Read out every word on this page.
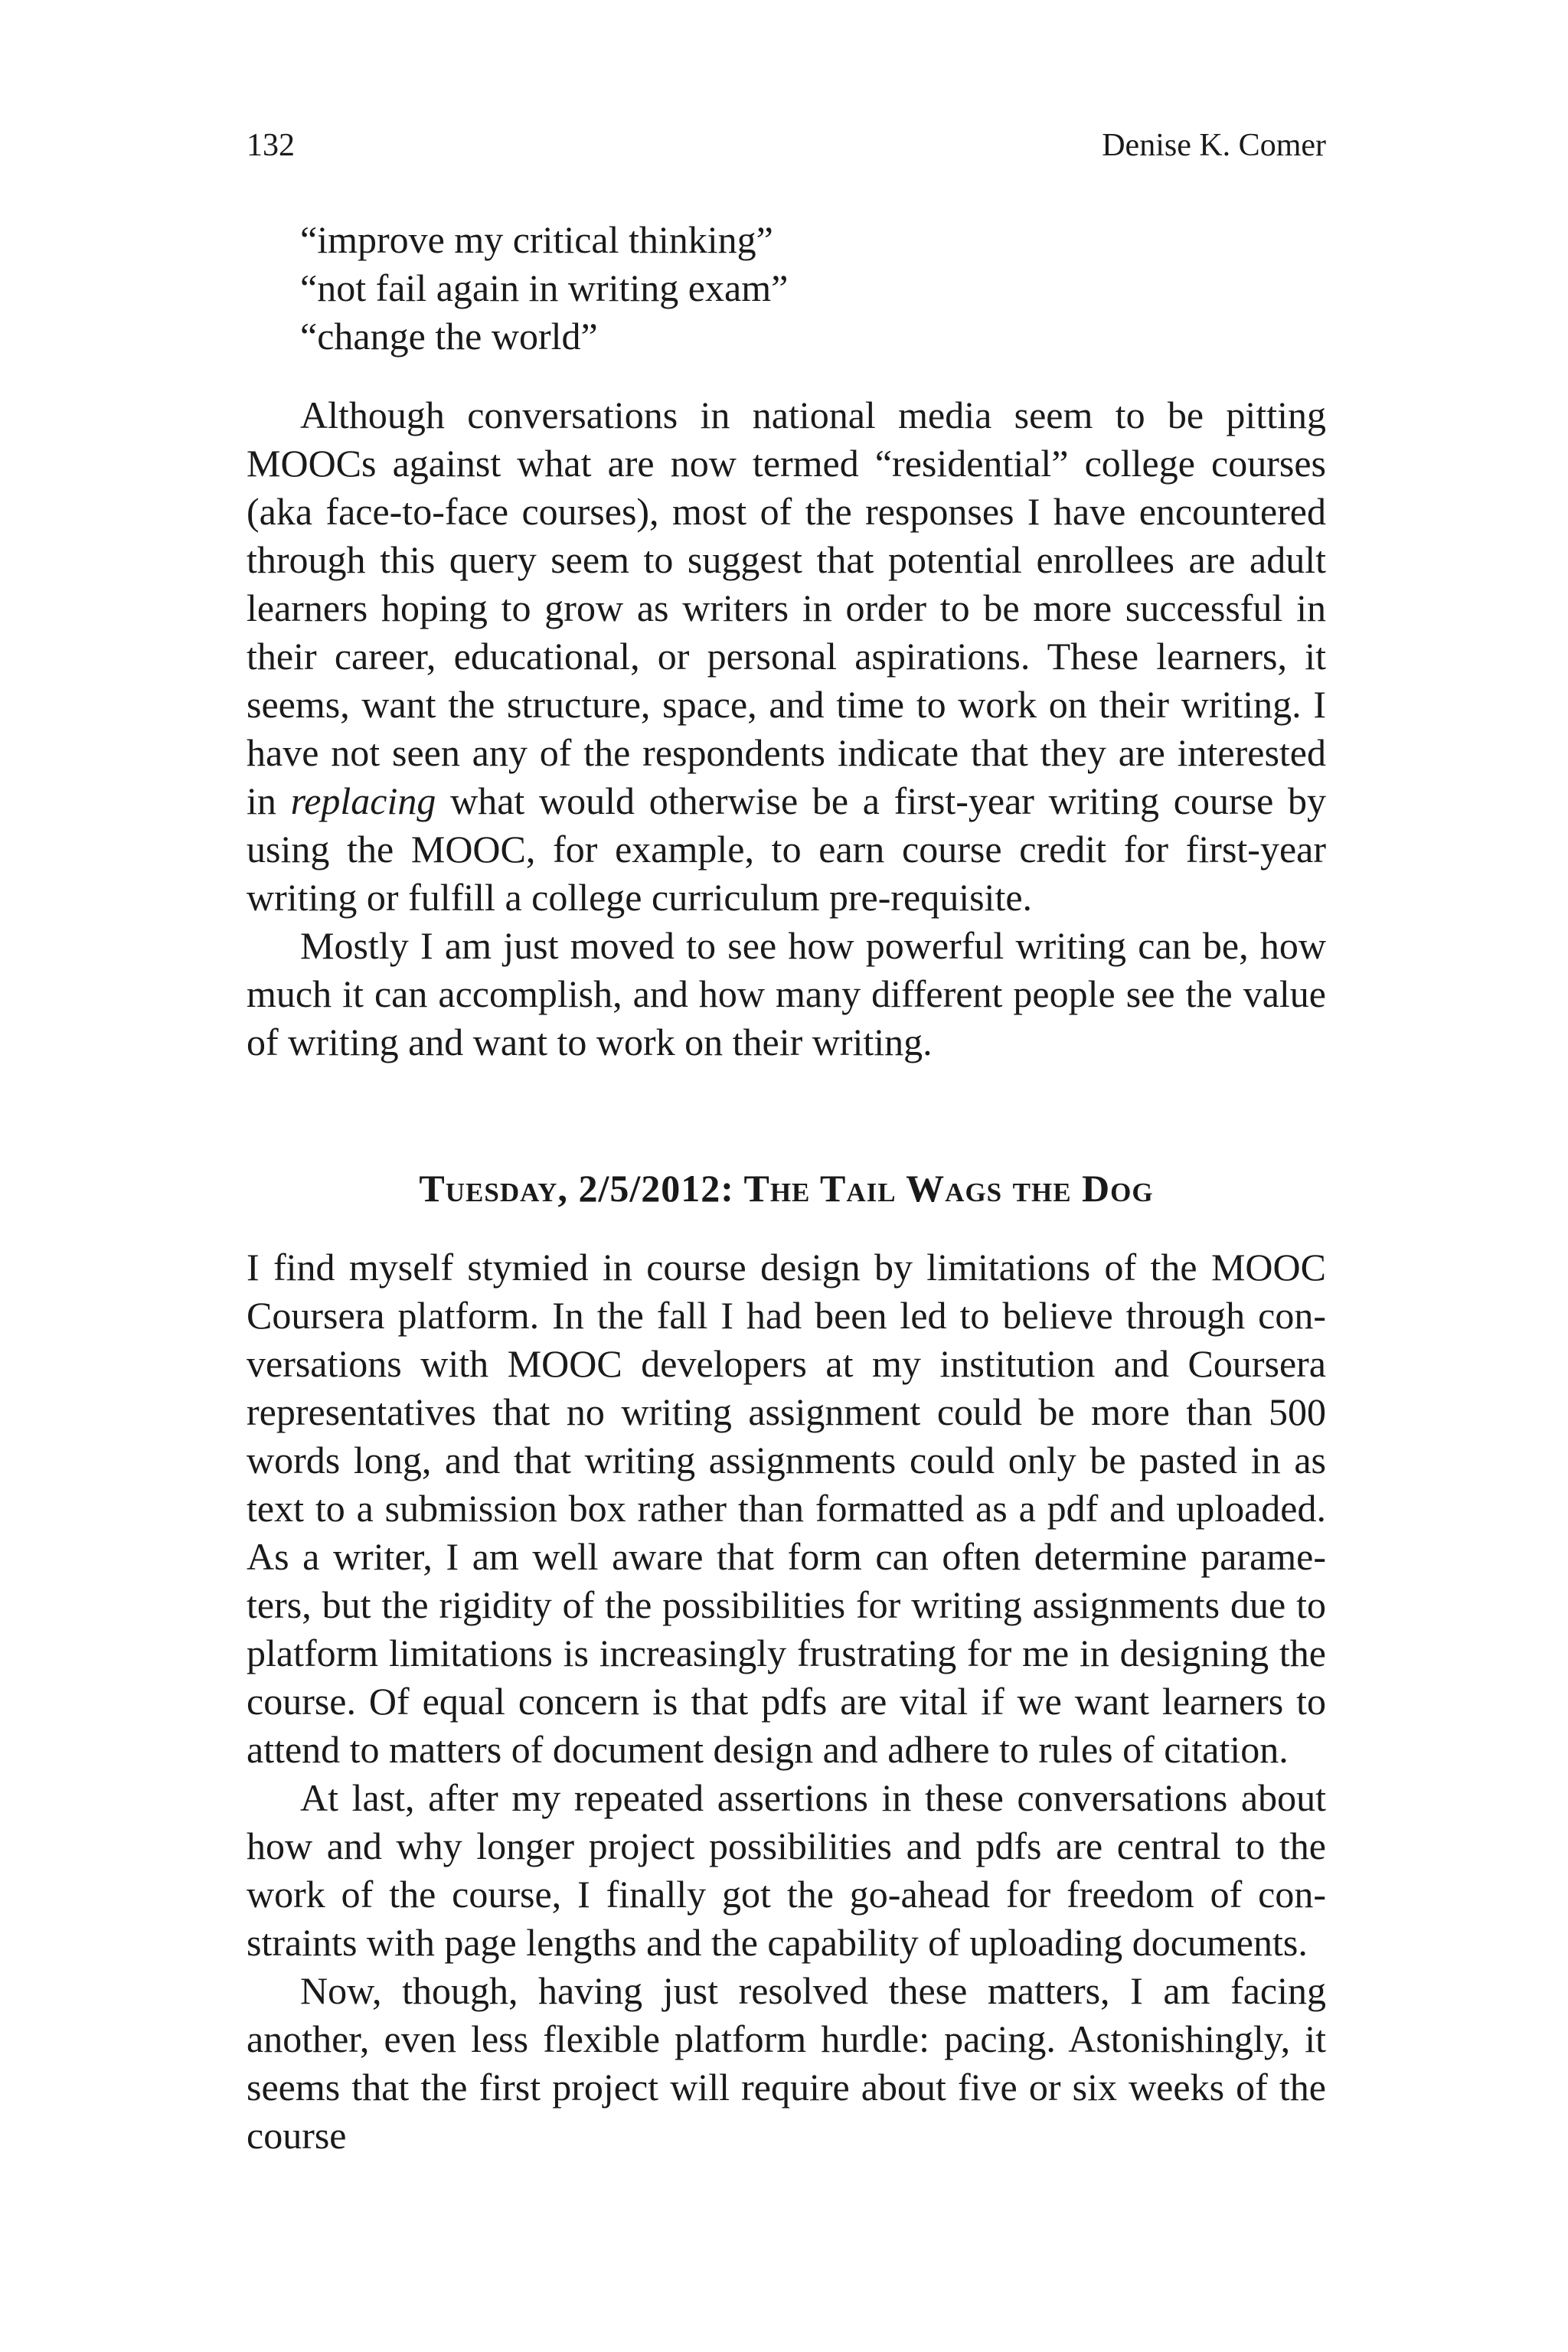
132	Denise K. Comer
“improve my critical thinking”
“not fail again in writing exam”
“change the world”

Although conversations in national media seem to be pitting MOOCs against what are now termed “residential” college courses (aka face-to-face courses), most of the responses I have encountered through this query seem to suggest that potential enrollees are adult learners hoping to grow as writers in order to be more successful in their career, educational, or personal aspirations. These learners, it seems, want the structure, space, and time to work on their writing. I have not seen any of the respondents indicate that they are interested in replacing what would otherwise be a first-year writing course by using the MOOC, for example, to earn course credit for first-year writing or fulfill a college curriculum pre-requisite.

Mostly I am just moved to see how powerful writing can be, how much it can accomplish, and how many different people see the value of writing and want to work on their writing.

Tuesday, 2/5/2012: The Tail Wags the Dog

I find myself stymied in course design by limitations of the MOOC Coursera platform. In the fall I had been led to believe through conversations with MOOC developers at my institution and Coursera representatives that no writing assignment could be more than 500 words long, and that writing assignments could only be pasted in as text to a submission box rather than formatted as a pdf and uploaded. As a writer, I am well aware that form can often determine parameters, but the rigidity of the possibilities for writing assignments due to platform limitations is increasingly frustrating for me in designing the course. Of equal concern is that pdfs are vital if we want learners to attend to matters of document design and adhere to rules of citation.

At last, after my repeated assertions in these conversations about how and why longer project possibilities and pdfs are central to the work of the course, I finally got the go-ahead for freedom of constraints with page lengths and the capability of uploading documents.

Now, though, having just resolved these matters, I am facing another, even less flexible platform hurdle: pacing. Astonishingly, it seems that the first project will require about five or six weeks of the course
